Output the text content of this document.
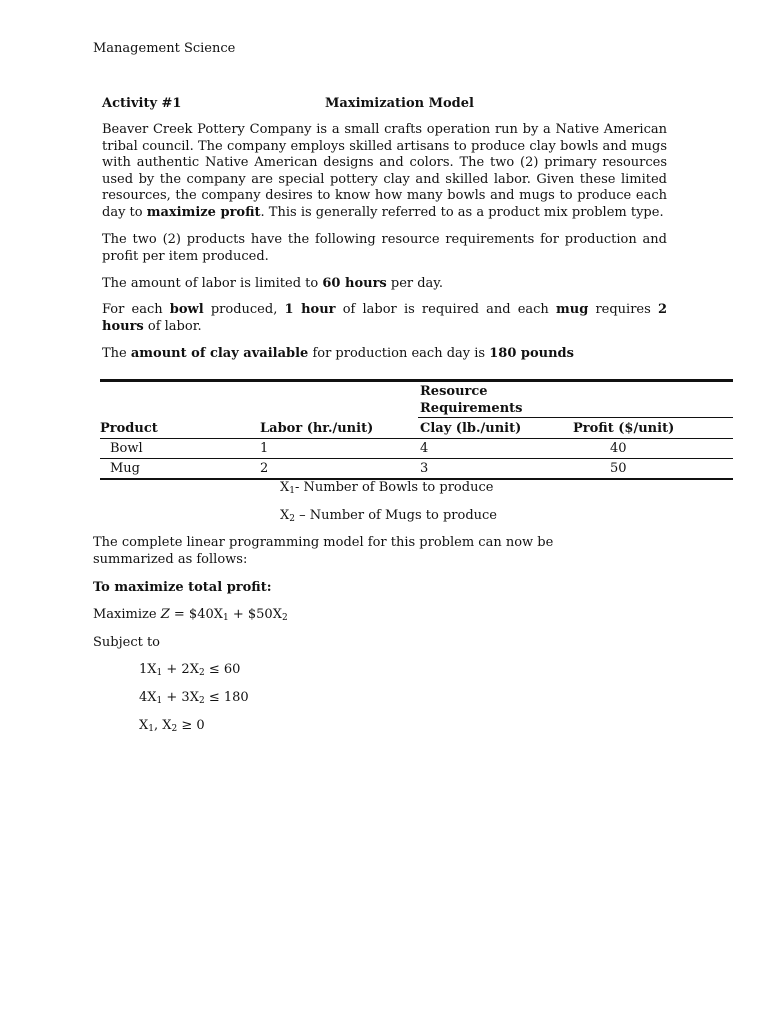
Management Science
Activity #1	Maximization Model
Beaver Creek Pottery Company is a small crafts operation run by a Native American tribal council. The company employs skilled artisans to produce clay bowls and mugs with authentic Native American designs and colors. The two (2) primary resources used by the company are special pottery clay and skilled labor. Given these limited resources, the company desires to know how many bowls and mugs to produce each day to maximize profit. This is generally referred to as a product mix problem type.
The two (2) products have the following resource requirements for production and profit per item produced.
The amount of labor is limited to 60 hours per day.
For each bowl produced, 1 hour of labor is required and each mug requires 2 hours of labor.
The amount of clay available for production each day is 180 pounds
Resource
Requirements
Product	Labor (hr./unit)	Clay (lb./unit)	Profit ($/unit)
Bowl	1	4	40
Mug	2	3	50
$X_1-$ Number of Bowls to produce
$X_2$ – Number of Mugs to produce
The complete linear programming model for this problem can now be summarized as follows:
To maximize total profit:
Maximize $Z = \$40X_1$ + $\$50X_2$
Subject to
$1X_1 + 2X_2 \le 60$
$4X_1 + 3X_2 \le 180$
$X_1$, $X_2 \ge 0$
